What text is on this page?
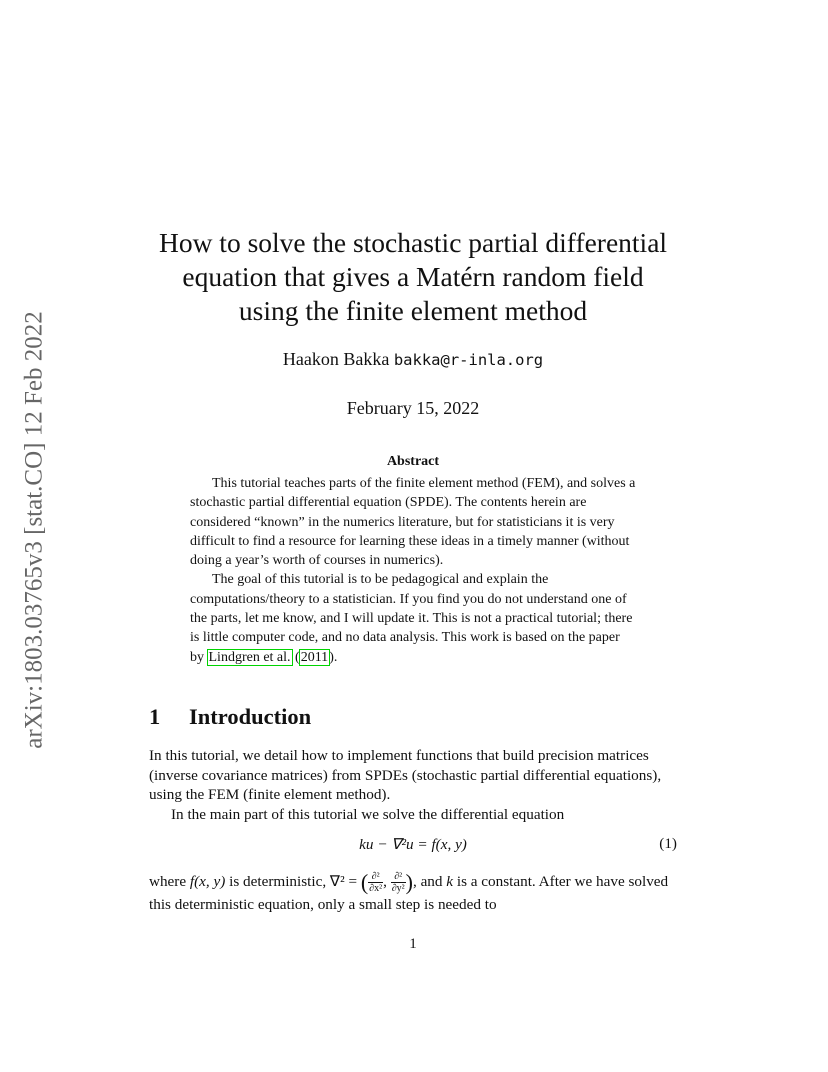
arXiv:1803.03765v3 [stat.CO] 12 Feb 2022
How to solve the stochastic partial differential
equation that gives a Matérn random field
using the finite element method
Haakon Bakka bakka@r-inla.org
February 15, 2022
Abstract

This tutorial teaches parts of the finite element method (FEM), and solves a stochastic partial differential equation (SPDE). The contents herein are considered “known” in the numerics literature, but for statisticians it is very difficult to find a resource for learning these ideas in a timely manner (without doing a year’s worth of courses in numerics).

The goal of this tutorial is to be pedagogical and explain the computations/theory to a statistician. If you find you do not understand one of the parts, let me know, and I will update it. This is not a practical tutorial; there is little computer code, and no data analysis. This work is based on the paper by Lindgren et al. (2011).

1 Introduction

In this tutorial, we detail how to implement functions that build precision matrices (inverse covariance matrices) from SPDEs (stochastic partial differential equations), using the FEM (finite element method).

In the main part of this tutorial we solve the differential equation

ku − ∇²u = f(x, y)	(1)
where f(x, y) is deterministic, ∇² = ( $\frac{\text{∂²}}{\text{∂x²}}$ , $\frac{\text{∂²}}{\text{∂y²}}$ ), and k is a constant. After we have solved this deterministic equation, only a small step is needed to
1
